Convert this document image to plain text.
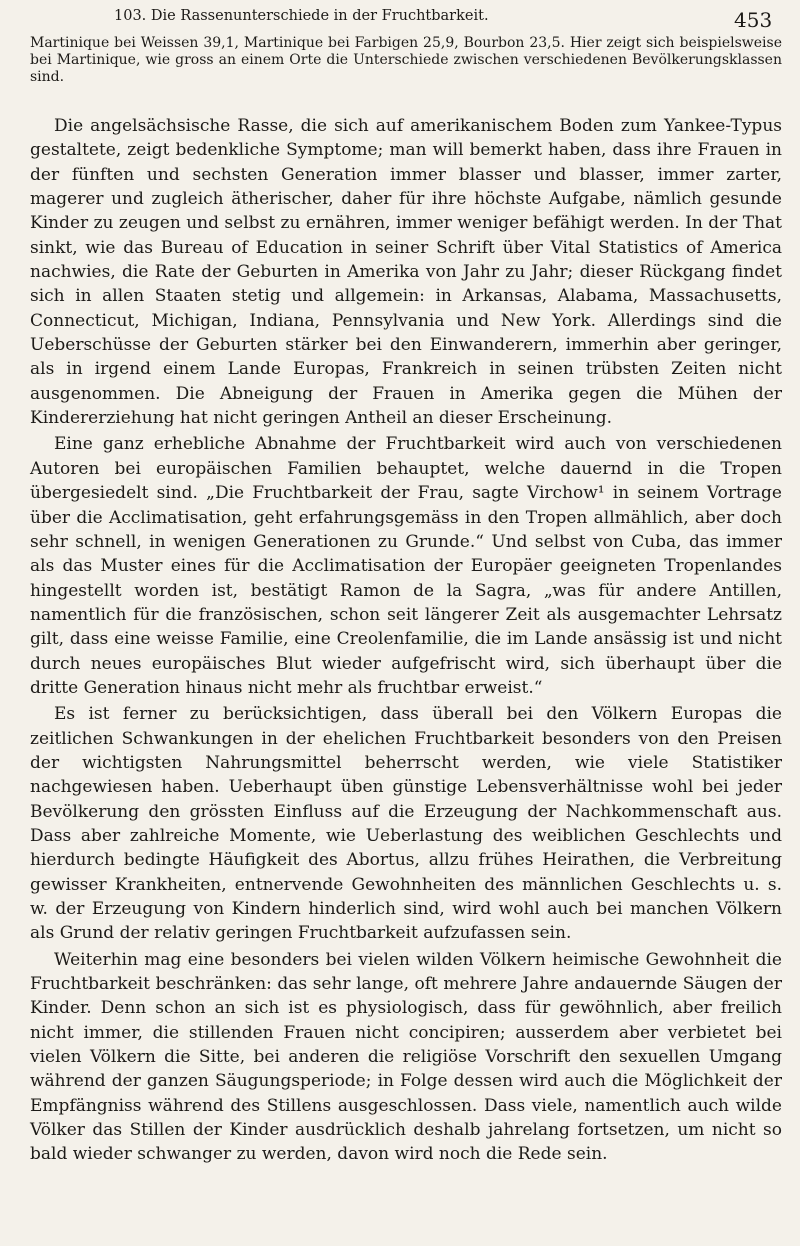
103. Die Rassenunterschiede in der Fruchtbarkeit.	453

Martinique bei Weissen 39,1, Martinique bei Farbigen 25,9, Bourbon 23,5. Hier zeigt sich beispielsweise bei Martinique, wie gross an einem Orte die Unterschiede zwischen verschiedenen Bevölkerungsklassen sind.

Die angelsächsische Rasse, die sich auf amerikanischem Boden zum Yankee-Typus gestaltete, zeigt bedenkliche Symptome; man will bemerkt haben, dass ihre Frauen in der fünften und sechsten Generation immer blasser und blasser, immer zarter, magerer und zugleich ätherischer, daher für ihre höchste Aufgabe, nämlich gesunde Kinder zu zeugen und selbst zu ernähren, immer weniger befähigt werden. In der That sinkt, wie das Bureau of Education in seiner Schrift über Vital Statistics of America nachwies, die Rate der Geburten in Amerika von Jahr zu Jahr; dieser Rückgang findet sich in allen Staaten stetig und allgemein: in Arkansas, Alabama, Massachusetts, Connecticut, Michigan, Indiana, Pennsylvania und New York. Allerdings sind die Ueberschüsse der Geburten stärker bei den Einwanderern, immerhin aber geringer, als in irgend einem Lande Europas, Frankreich in seinen trübsten Zeiten nicht ausgenommen. Die Abneigung der Frauen in Amerika gegen die Mühen der Kindererziehung hat nicht geringen Antheil an dieser Erscheinung.

Eine ganz erhebliche Abnahme der Fruchtbarkeit wird auch von verschiedenen Autoren bei europäischen Familien behauptet, welche dauernd in die Tropen übergesiedelt sind. „Die Fruchtbarkeit der Frau, sagte Virchow¹ in seinem Vortrage über die Acclimatisation, geht erfahrungsgemäss in den Tropen allmählich, aber doch sehr schnell, in wenigen Generationen zu Grunde.“ Und selbst von Cuba, das immer als das Muster eines für die Acclimatisation der Europäer geeigneten Tropenlandes hingestellt worden ist, bestätigt Ramon de la Sagra, „was für andere Antillen, namentlich für die französischen, schon seit längerer Zeit als ausgemachter Lehrsatz gilt, dass eine weisse Familie, eine Creolenfamilie, die im Lande ansässig ist und nicht durch neues europäisches Blut wieder aufgefrischt wird, sich überhaupt über die dritte Generation hinaus nicht mehr als fruchtbar erweist.“

Es ist ferner zu berücksichtigen, dass überall bei den Völkern Europas die zeitlichen Schwankungen in der ehelichen Fruchtbarkeit besonders von den Preisen der wichtigsten Nahrungsmittel beherrscht werden, wie viele Statistiker nachgewiesen haben. Ueberhaupt üben günstige Lebensverhältnisse wohl bei jeder Bevölkerung den grössten Einfluss auf die Erzeugung der Nachkommenschaft aus. Dass aber zahlreiche Momente, wie Ueberlastung des weiblichen Geschlechts und hierdurch bedingte Häufigkeit des Abortus, allzu frühes Heirathen, die Verbreitung gewisser Krankheiten, entnervende Gewohnheiten des männlichen Geschlechts u. s. w. der Erzeugung von Kindern hinderlich sind, wird wohl auch bei manchen Völkern als Grund der relativ geringen Fruchtbarkeit aufzufassen sein.

Weiterhin mag eine besonders bei vielen wilden Völkern heimische Gewohnheit die Fruchtbarkeit beschränken: das sehr lange, oft mehrere Jahre andauernde Säugen der Kinder. Denn schon an sich ist es physiologisch, dass für gewöhnlich, aber freilich nicht immer, die stillenden Frauen nicht concipiren; ausserdem aber verbietet bei vielen Völkern die Sitte, bei anderen die religiöse Vorschrift den sexuellen Umgang während der ganzen Säugungsperiode; in Folge dessen wird auch die Möglichkeit der Empfängniss während des Stillens ausgeschlossen. Dass viele, namentlich auch wilde Völker das Stillen der Kinder ausdrücklich deshalb jahrelang fortsetzen, um nicht so bald wieder schwanger zu werden, davon wird noch die Rede sein.
